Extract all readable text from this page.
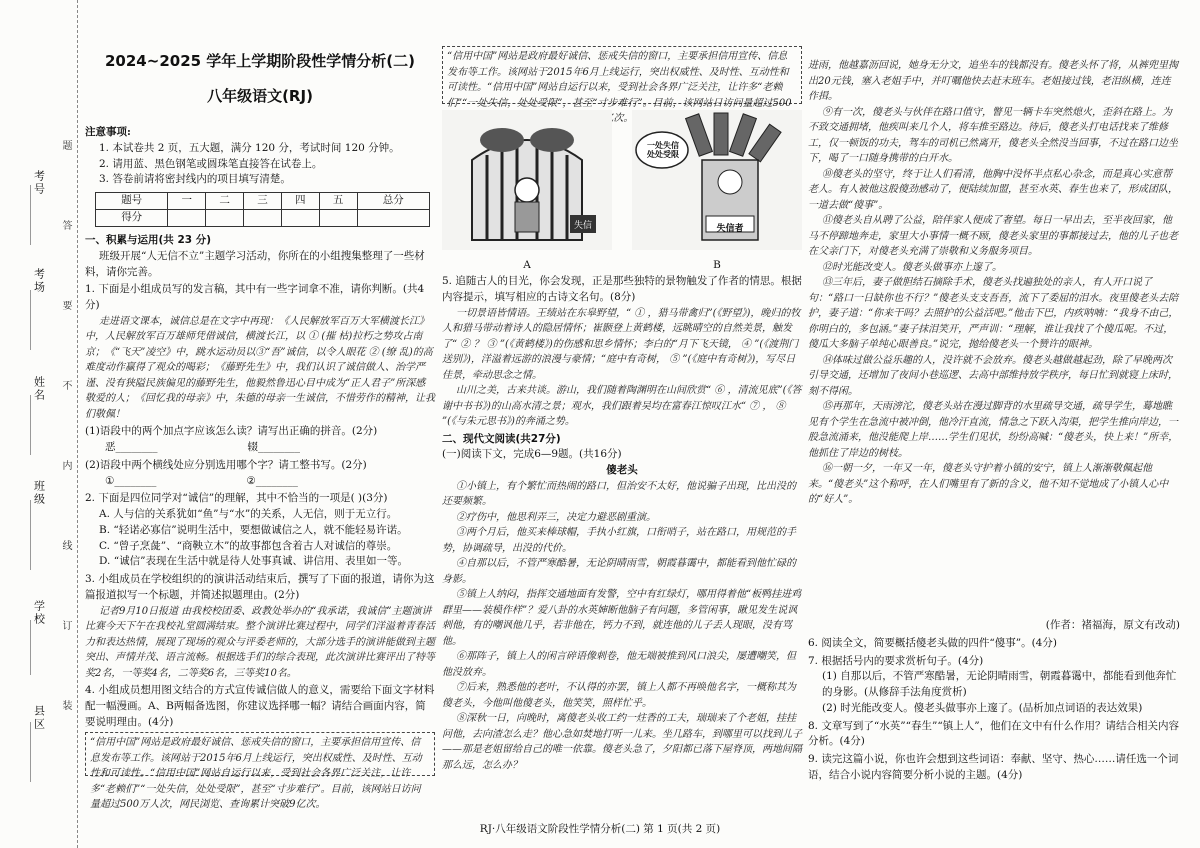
考号
考场
姓名
班级
学校
县区
题
答
要
不
内
线
订
装
2024~2025 学年上学期阶段性学情分析(二)
八年级语文(RJ)
注意事项:

1. 本试卷共 2 页，五大题，满分 120 分，考试时间 120 分钟。

2. 请用蓝、黑色钢笔或圆珠笔直接答在试卷上。

3. 答卷前请将密封线内的项目填写清楚。

题号	一	二	三	四	五	总分
得分						
一、积累与运用(共 23 分)
班级开展“人无信不立”主题学习活动，你所在的小组搜集整理了一些材料，请你完善。
1. 下面是小组成员写的发言稿，其中有一些字词拿不准，请你判断。(共4分)
走进语文课本，诚信总是在文字中再现：《人民解放军百万大军横渡长江》中，人民解放军百万雄师凭借诚信，横渡长江，以 ① (摧 枯)拉朽之势攻占南京；《“飞天”凌空》中，跳水运动员以③“吾”诚信，以令人眼花 ② (缭 乱)的高难度动作赢得了观众的喝彩；《藤野先生》中，我们认识了诚信做人、治学严谨、没有狭隘民族偏见的藤野先生，他毅然鲁迅心目中成为“正人君子”所深感敬爱的人；《回忆我的母亲》中，朱德的母亲一生诚信，不惜劳作的精神，让我们敬佩！
(1)语段中的两个加点字应该怎么读？请写出正确的拼音。(2分)
恶________	辍________
(2)语段中两个横线处应分别选用哪个字？请工整书写。(2分)
①________	②________
2. 下面是四位同学对“诚信”的理解，其中不恰当的一项是( )(3分)
A. 人与信的关系犹如“鱼”与“水”的关系，人无信，则于无立行。
B. “轻诺必寡信”说明生活中，要想做诚信之人，就不能轻易许诺。
C. “曾子烹彘”、“商鞅立木”的故事都包含着古人对诚信的尊崇。
D. “诚信”表现在生活中就是待人处事真诚、讲信用、表里如一等。
3. 小组成员在学校组织的的演讲活动结束后，撰写了下面的报道，请你为这篇报道拟写一个标题，并简述拟题理由。(2分)
记者9月10日报道 由我校校团委、政教处举办的“我承诺，我诚信”主题演讲比赛今天下午在我校礼堂圆满结束。整个演讲比赛过程中，同学们洋溢着青春活力和表达热情，展现了现场的观众与评委老师的，大部分选手的演讲能做到主题突出、声情并茂、语言流畅。根据选手们的综合表现，此次演讲比赛评出了特等奖2名，一等奖4名，二等奖6名，三等奖10名。
4. 小组成员想用图文结合的方式宣传诚信做人的意义，需要给下面文字材料配一幅漫画。A、B两幅备选图，你建议选择哪一幅？请结合画面内容，简要说明理由。(4分)
“信用中国”网站是政府最好诚信、惩戒失信的窗口，主要承担信用宣传、信息发布等工作。该网站于2015年6月上线运行，突出权威性、及时性、互动性和可读性。“信用中国”网站自运行以来，受到社会各界广泛关注，让许多“老赖们”“一处失信，处处受限”，甚至“寸步难行”。目前，该网站日访问量超过500万人次，网民浏览、查询累计突破9亿次。
“信用中国”网站是政府最好诚信、惩戒失信的窗口，主要承担信用宣传、信息发布等工作。该网站于2015年6月上线运行，突出权威性、及时性、互动性和可读性。“信用中国”网站自运行以来，受到社会各界广泛关注，让许多“老赖们”“一处失信，处处受限”，甚至“寸步难行”。目前，该网站日访问量超过500 亿次。
失信
A
一处失信处处受限
失信者
B
5. 追随古人的目光，你会发现，正是那些独特的景物触发了作者的情思。根据内容提示，填写相应的古诗文名句。(8分)
一切景语皆情语。王绩站在东皋野望，“ ① ，猎马带禽归”(《野望》)，晚归的牧人和猎马带动着诗人的隐居情怀；崔颢登上黄鹤楼，远眺晴空的自然美景，触发了“ ② ？ ③ ”(《黄鹤楼》)的伤感和思乡情怀；李白的“月下飞天镜， ④ ”(《渡荆门送别》)，洋溢着远游的浪漫与豪情；“庭中有奇树， ⑤ ”(《庭中有奇树》)，写尽日佳景，牵动思念之情。
山川之美，古来共谈。游山，我们随着陶渊明在山间欣赏“ ⑥ ，清流见底”(《答谢中书书》)的山高水清之景；观水，我们跟着吴均在富春江惊叹江水“ ⑦ ， ⑧ ”(《与朱元思书》)的奔涌之势。
二、现代文阅读(共27分)
(一)阅读下文，完成6—9题。(共16分)
傻老头
①小镇上，有个繁忙而热闹的路口，但治安不太好，他说骗子出现，比出没的还要频繁。
②疗伤中，他思利弄三，决定力避恶剧重演。
③两个月后，他买来棒球帽，手执小红旗，口衔哨子，站在路口，用规范的手势，协调疏导，出没的代价。
④自那以后，不管严寒酷暑，无论阴晴雨雪，朝霞暮霭中，都能看到他忙碌的身影。
⑤镇上人纳闷，指挥交通地面有发警，空中有红绿灯，哪用得着他“板鸭挂进鸡群里——装模作样”？爱八卦的水英婶断他脑子有问题，多管闲事，瞅见发生说讽刺他，有的嘲讽他几乎，若非他在，钙力不到，就连他的儿子丢人现眼，没有骂他。
⑥那阵子，镇上人的闲言碎语像刺卷，他无端被推到风口浪尖，屡遭嘲笑，但他没放弃。
⑦后来，熟悉他的老叶，不认得的亦罢，镇上人都不再唤他名字，一概称其为傻老头，今他叫他傻老头，他笑笑，照样忙乎。
⑧深秋一日，向晚时，离傻老头收工约一炷香的工夫，瑞瑞来了个老姐，挂挂问他，去向渣怎么走？他心急如焚地打听一儿来。坐几路车，到哪里可以找到儿子——那是老姐留给自己的唯一依靠。傻老头急了，夕阳都已落下屋脊顶，两地间隔那么远，怎么办？
进雨，他越嘉沥回说，她身无分文，追坐车的钱都没有。傻老头怀了将，从裤兜里掏出20元钱，塞入老姐手中，并叮嘱他快去赶末班车。老姐接过钱，老泪纵横，连连作揖。
⑨有一次，傻老头与伙伴在路口值守，瞥见一辆卡车突然熄火，歪斜在路上。为不致交通拥堵，他疾叫来几个人，将车推至路边。待后，傻老头打电话找来了维修工，仅一顿饭的功夫，驾车的司机已然离开，傻老头全然没当回事，不过在路口边坐下，喝了一口随身携带的白开水。
⑩傻老头的坚守，终于让人们看清，他胸中没怀半点私心杂念，而是真心实意帮老人。有人被他这股傻劲感动了，便陆续加盟，甚至水英、春生也来了，形成团队，一道去做“傻事”。
⑪傻老头自从聘了公益，陪伴家人便成了奢望。每日一早出去，至半夜回家，他马不停蹄地奔走，家里大小事情一概不顾，傻老头家里的事都接过去，他的儿子也老在父亲门下，对傻老头充满了崇敬和义务服务项目。
⑫时光能改变人。傻老头做事亦上邃了。
⑬三年后，妻子做胆结石摘除手术，傻老头找遍独处的亲人，有人开口说了句：“路口一日缺你也不行？”傻老头支支吾吾，流下了委屈的泪水。夜里傻老头去陪护，妻子道：“你来干吗？去照护的公益活吧。”他击下巴，内疚呐喃：“我身不由己，你明白的，多包涵。”妻子抹泪笑开，严声训：“理解，谁让我找了个傻瓜呢。不过，傻瓜大多脑子单纯心眼善良。”说完，抛给傻老头一个赞许的眼神。
⑭体味过做公益乐趣的人，没许就不会放弃。傻老头越做越起劲，除了早晚两次引导交通，还增加了夜间小巷巡逻、去高中部维持放学秩序，每日忙到就寝上床时，刻不得闲。
⑮再那年，天雨滂沱，傻老头站在漫过脚背的水里疏导交通，疏导学生，蓦地瞧见有个学生在急流中被冲倒，他冷汗直流，情急之下跃入沟渠，把学生推向岸边，一股急流涌来，他没能爬上岸……学生们见状，纷纷高喊：“傻老头，快上来！”所幸，他抓住了岸边的树枝。
⑯一朝一夕，一年又一年，傻老头守护着小镇的安宁，镇上人渐渐敬佩起他来。“傻老头”这个称呼，在人们嘴里有了新的含义，他不知不觉地成了小镇人心中的“好人”。
(作者：褚福海，原文有改动)
6. 阅读全文，简要概括傻老头做的四件“傻事”。(4分)
7. 根据括号内的要求赏析句子。(4分)
(1) 自那以后，不管严寒酷暑，无论阴晴雨雪，朝霞暮霭中，都能看到他奔忙的身影。(从修辞手法角度赏析)
(2) 时光能改变人。傻老头做事亦上邃了。(品析加点词语的表达效果)
8. 文章写到了“水英”“春生”“镇上人”，他们在文中有什么作用？请结合相关内容分析。(4分)
9. 读完这篇小说，你也许会想到这些词语：奉献、坚守、热心……请任选一个词语，结合小说内容简要分析小说的主题。(4分)
RJ·八年级语文阶段性学情分析(二) 第 1 页(共 2 页)
